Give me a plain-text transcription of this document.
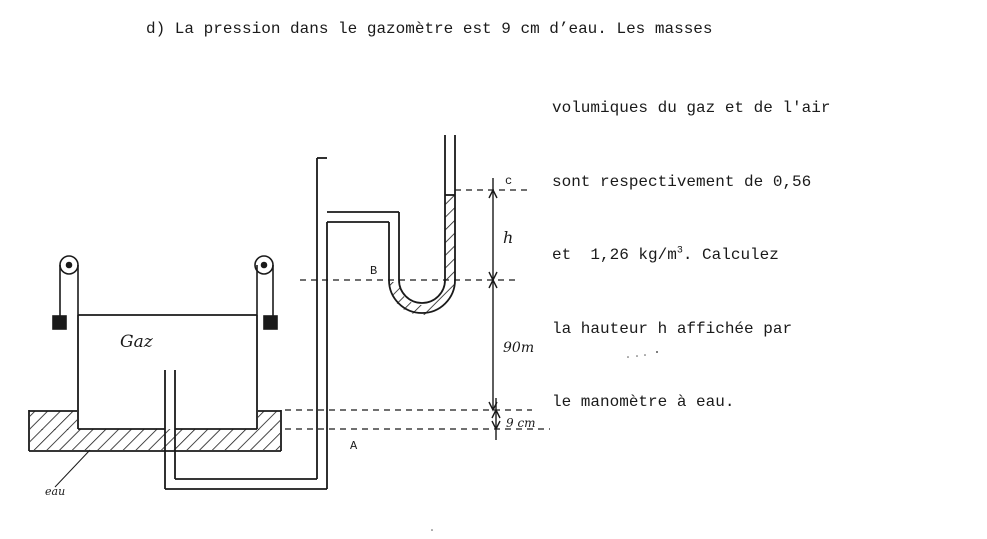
d) La pression dans le gazomètre est 9 cm d’eau. Les masses

volumiques du gaz et de l'air

sont respectivement de 0,56

et  1,26 $kg/m^3$. Calculez

la hauteur h affichée par

le manomètre à eau.

Gaz
eau
A
B
c
h
90m
9 cm
